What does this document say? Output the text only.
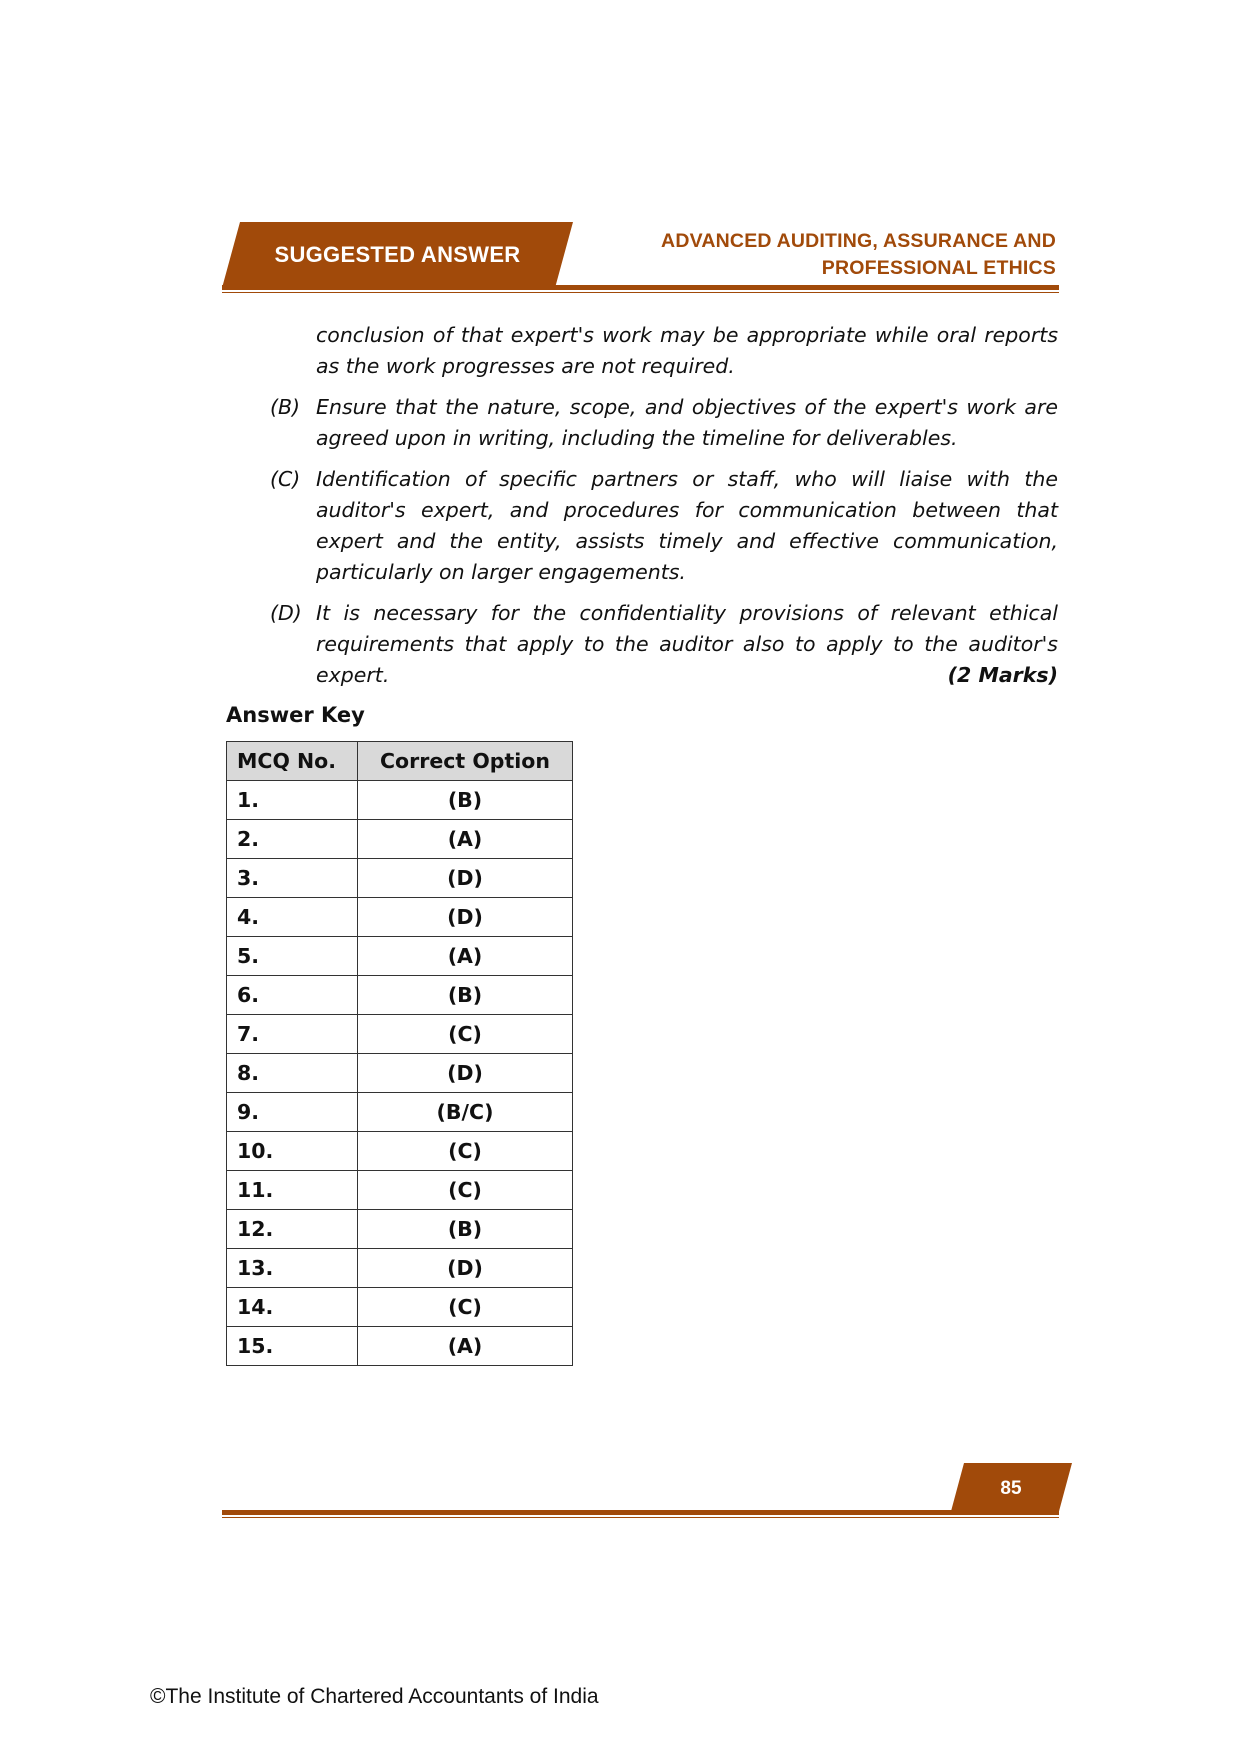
SUGGESTED ANSWER
ADVANCED AUDITING, ASSURANCE AND
PROFESSIONAL ETHICS
conclusion of that expert's work may be appropriate while oral reports as the work progresses are not required.
(B) Ensure that the nature, scope, and objectives of the expert's work are agreed upon in writing, including the timeline for deliverables.
(C) Identification of specific partners or staff, who will liaise with the auditor's expert, and procedures for communication between that expert and the entity, assists timely and effective communication, particularly on larger engagements.
(D) It is necessary for the confidentiality provisions of relevant ethical requirements that apply to the auditor also to apply to the auditor's
expert.	(2 Marks)
Answer Key
MCQ No.	Correct Option
1.	(B)
2.	(A)
3.	(D)
4.	(D)
5.	(A)
6.	(B)
7.	(C)
8.	(D)
9.	(B/C)
10.	(C)
11.	(C)
12.	(B)
13.	(D)
14.	(C)
15.	(A)
85
©The Institute of Chartered Accountants of India
